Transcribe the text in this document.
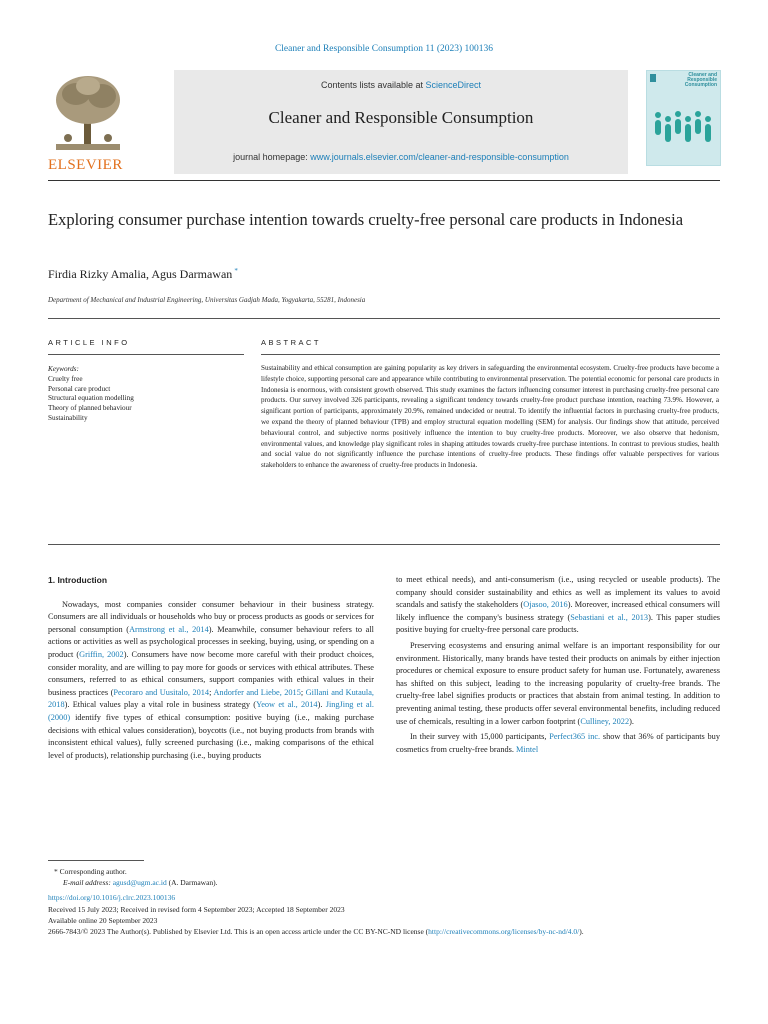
Cleaner and Responsible Consumption 11 (2023) 100136
ELSEVIER
Contents lists available at ScienceDirect
Cleaner and Responsible Consumption
journal homepage: www.journals.elsevier.com/cleaner-and-responsible-consumption
Cleaner and Responsible Consumption
Exploring consumer purchase intention towards cruelty-free personal care products in Indonesia
Firdia Rizky Amalia, Agus Darmawan *
Department of Mechanical and Industrial Engineering, Universitas Gadjah Mada, Yogyakarta, 55281, Indonesia
ARTICLE INFO
Keywords:
Cruelty free
Personal care product
Structural equation modelling
Theory of planned behaviour
Sustainability
ABSTRACT
Sustainability and ethical consumption are gaining popularity as key drivers in safeguarding the environmental ecosystem. Cruelty-free products have become a lifestyle choice, supporting personal care and appearance while contributing to environmental preservation. The potential economic for personal care products in Indonesia is enormous, with consistent growth observed. This study examines the factors influencing consumer interest in purchasing cruelty-free personal care products. Our survey involved 326 participants, revealing a significant tendency towards cruelty-free product purchase intention, reaching 73.9%. However, a significant portion of participants, approximately 20.9%, remained undecided or neutral. To identify the influential factors in purchasing cruelty-free products, we expand the theory of planned behaviour (TPB) and employ structural equation modelling (SEM) for analysis. Our findings show that attitude, perceived behavioural control, and subjective norms positively influence the intention to buy cruelty-free products. Moreover, we also observe that hedonism, environmental values, and knowledge play significant roles in shaping attitudes towards cruelty-free purchase intentions. In contrast to previous studies, health and social value do not significantly influence the purchase intentions of cruelty-free products. These findings offer valuable perspectives for various stakeholders to enhance the awareness of cruelty-free products in Indonesia.
1. Introduction

Nowadays, most companies consider consumer behaviour in their business strategy. Consumers are all individuals or households who buy or process products as goods or services for personal consumption (Armstrong et al., 2014). Meanwhile, consumer behaviour refers to all actions or activities as well as psychological processes in seeking, buying, using, or spending on a product (Griffin, 2002). Consumers have now become more careful with their product choices, consider morality, and are willing to pay more for goods or services with ethical attributes. These consumers, referred to as ethical consumers, support companies with ethical values in their business practices (Pecoraro and Uusitalo, 2014; Andorfer and Liebe, 2015; Gillani and Kutaula, 2018). Ethical values play a vital role in business strategy (Yeow et al., 2014). JingJing et al. (2000) identify five types of ethical consumption: positive buying (i.e., making purchase decisions with ethical values consideration), boycotts (i.e., not buying products from brands with inconsistent ethical values), fully screened purchasing (i.e., making comparisons of the ethical level of products), relationship purchasing (i.e., buying products

to meet ethical needs), and anti-consumerism (i.e., using recycled or useable products). The company should consider sustainability and ethics as well as implement its values to avoid scandals and satisfy the stakeholders (Ojasoo, 2016). Moreover, increased ethical consumers will likely influence the company's business strategy (Sebastiani et al., 2013). This paper studies positive buying for cruelty-free personal care products.

Preserving ecosystems and ensuring animal welfare is an important responsibility for our environment. Historically, many brands have tested their products on animals by either injection procedures or chemical exposure to ensure product safety for human use. Fortunately, awareness has shifted on this subject, leading to the increasing popularity of cruelty-free brands. The cruelty-free label signifies products or practices that abstain from animal testing. In addition to preventing animal testing, these products offer several environmental benefits, including reduced use of chemicals, resulting in a lower carbon footprint (Culliney, 2022).

In their survey with 15,000 participants, Perfect365 inc. show that 36% of participants buy cosmetics from cruelty-free brands. Mintel

* Corresponding author.
E-mail address: agusd@ugm.ac.id (A. Darmawan).
https://doi.org/10.1016/j.clrc.2023.100136
Received 15 July 2023; Received in revised form 4 September 2023; Accepted 18 September 2023
Available online 20 September 2023
2666-7843/© 2023 The Author(s). Published by Elsevier Ltd. This is an open access article under the CC BY-NC-ND license (http://creativecommons.org/licenses/by-nc-nd/4.0/).
